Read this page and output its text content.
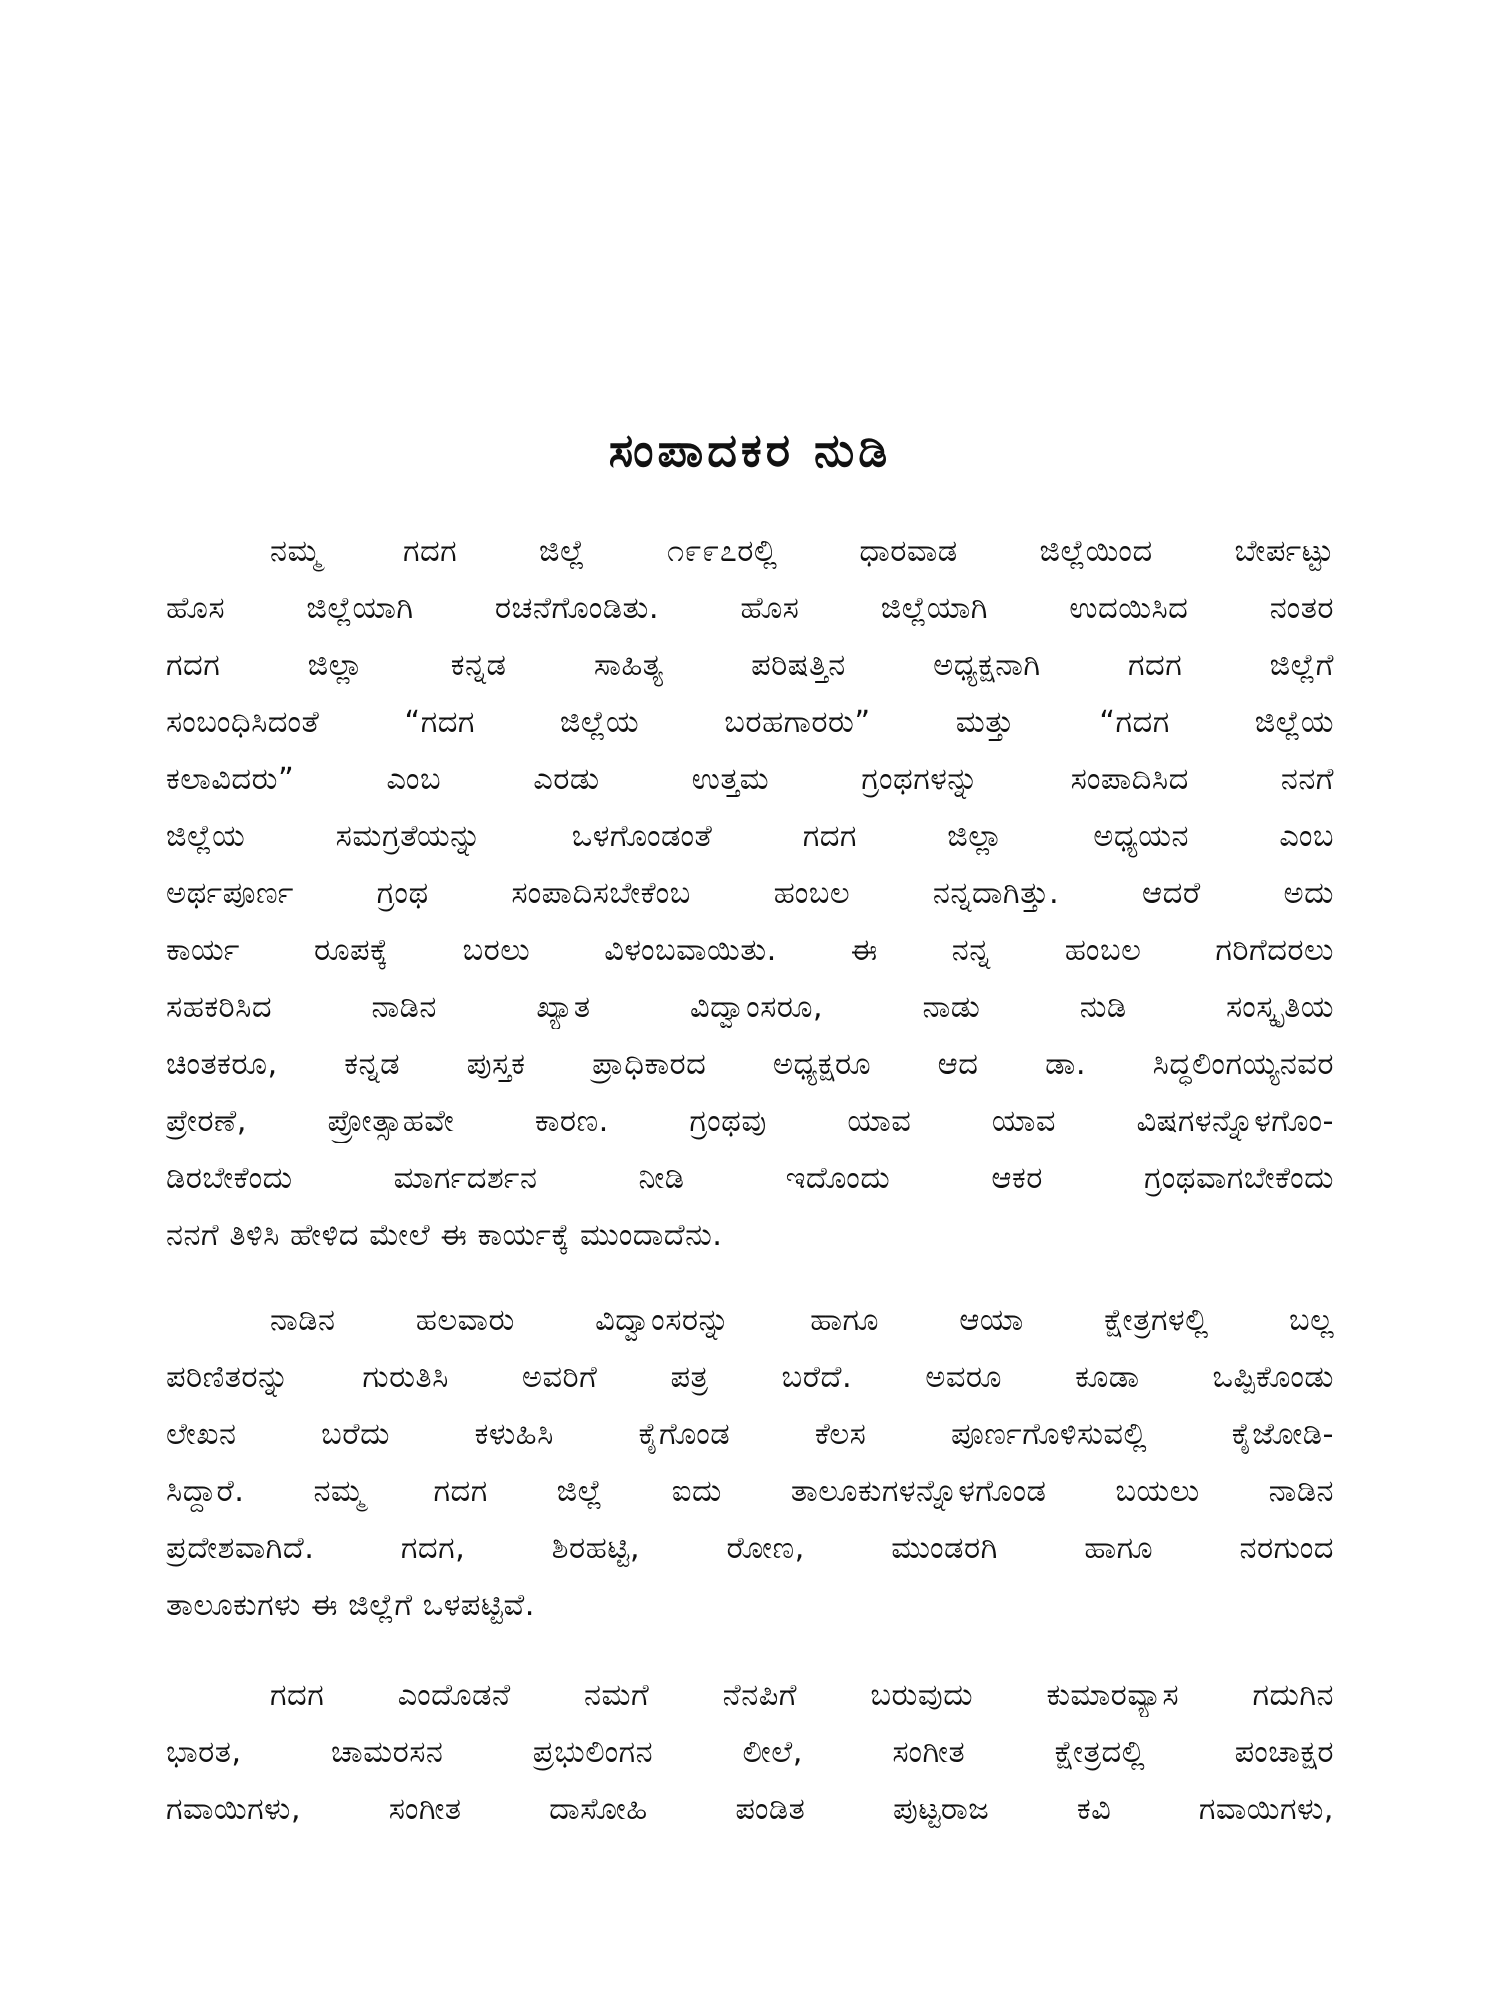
ಸಂಪಾದಕರ ನುಡಿ
ನಮ್ಮ ಗದಗ ಜಿಲ್ಲೆ ೧೯೯೭ರಲ್ಲಿ ಧಾರವಾಡ ಜಿಲ್ಲೆಯಿಂದ ಬೇರ್ಪಟ್ಟು
ಹೊಸ ಜಿಲ್ಲೆಯಾಗಿ ರಚನೆಗೊಂಡಿತು. ಹೊಸ ಜಿಲ್ಲೆಯಾಗಿ ಉದಯಿಸಿದ ನಂತರ
ಗದಗ ಜಿಲ್ಲಾ ಕನ್ನಡ ಸಾಹಿತ್ಯ ಪರಿಷತ್ತಿನ ಅಧ್ಯಕ್ಷನಾಗಿ ಗದಗ ಜಿಲ್ಲೆಗೆ
ಸಂಬಂಧಿಸಿದಂತೆ “ಗದಗ ಜಿಲ್ಲೆಯ ಬರಹಗಾರರು” ಮತ್ತು “ಗದಗ ಜಿಲ್ಲೆಯ
ಕಲಾವಿದರು” ಎಂಬ ಎರಡು ಉತ್ತಮ ಗ್ರಂಥಗಳನ್ನು ಸಂಪಾದಿಸಿದ ನನಗೆ
ಜಿಲ್ಲೆಯ ಸಮಗ್ರತೆಯನ್ನು ಒಳಗೊಂಡಂತೆ ಗದಗ ಜಿಲ್ಲಾ ಅಧ್ಯಯನ ಎಂಬ
ಅರ್ಥಪೂರ್ಣ ಗ್ರಂಥ ಸಂಪಾದಿಸಬೇಕೆಂಬ ಹಂಬಲ ನನ್ನದಾಗಿತ್ತು. ಆದರೆ ಅದು
ಕಾರ್ಯ ರೂಪಕ್ಕೆ ಬರಲು ವಿಳಂಬವಾಯಿತು. ಈ ನನ್ನ ಹಂಬಲ ಗರಿಗೆದರಲು
ಸಹಕರಿಸಿದ ನಾಡಿನ ಖ್ಯಾತ ವಿದ್ವಾಂಸರೂ, ನಾಡು ನುಡಿ ಸಂಸ್ಕೃತಿಯ
ಚಿಂತಕರೂ, ಕನ್ನಡ ಪುಸ್ತಕ ಪ್ರಾಧಿಕಾರದ ಅಧ್ಯಕ್ಷರೂ ಆದ ಡಾ. ಸಿದ್ಧಲಿಂಗಯ್ಯನವರ
ಪ್ರೇರಣೆ, ಪ್ರೋತ್ಸಾಹವೇ ಕಾರಣ. ಗ್ರಂಥವು ಯಾವ ಯಾವ ವಿಷಗಳನ್ನೊಳಗೊಂ-
ಡಿರಬೇಕೆಂದು ಮಾರ್ಗದರ್ಶನ ನೀಡಿ ಇದೊಂದು ಆಕರ ಗ್ರಂಥವಾಗಬೇಕೆಂದು
ನನಗೆ ತಿಳಿಸಿ ಹೇಳಿದ ಮೇಲೆ ಈ ಕಾರ್ಯಕ್ಕೆ ಮುಂದಾದೆನು.
ನಾಡಿನ ಹಲವಾರು ವಿದ್ವಾಂಸರನ್ನು ಹಾಗೂ ಆಯಾ ಕ್ಷೇತ್ರಗಳಲ್ಲಿ ಬಲ್ಲ
ಪರಿಣಿತರನ್ನು ಗುರುತಿಸಿ ಅವರಿಗೆ ಪತ್ರ ಬರೆದೆ. ಅವರೂ ಕೂಡಾ ಒಪ್ಪಿಕೊಂಡು
ಲೇಖನ ಬರೆದು ಕಳುಹಿಸಿ ಕೈಗೊಂಡ ಕೆಲಸ ಪೂರ್ಣಗೊಳಿಸುವಲ್ಲಿ ಕೈಜೋಡಿ-
ಸಿದ್ದಾರೆ. ನಮ್ಮ ಗದಗ ಜಿಲ್ಲೆ ಐದು ತಾಲೂಕುಗಳನ್ನೊಳಗೊಂಡ ಬಯಲು ನಾಡಿನ
ಪ್ರದೇಶವಾಗಿದೆ. ಗದಗ, ಶಿರಹಟ್ಟಿ, ರೋಣ, ಮುಂಡರಗಿ ಹಾಗೂ ನರಗುಂದ
ತಾಲೂಕುಗಳು ಈ ಜಿಲ್ಲೆಗೆ ಒಳಪಟ್ಟಿವೆ.
ಗದಗ ಎಂದೊಡನೆ ನಮಗೆ ನೆನಪಿಗೆ ಬರುವುದು ಕುಮಾರವ್ಯಾಸ ಗದುಗಿನ
ಭಾರತ, ಚಾಮರಸನ ಪ್ರಭುಲಿಂಗನ ಲೀಲೆ, ಸಂಗೀತ ಕ್ಷೇತ್ರದಲ್ಲಿ ಪಂಚಾಕ್ಷರ
ಗವಾಯಿಗಳು, ಸಂಗೀತ ದಾಸೋಹಿ ಪಂಡಿತ ಪುಟ್ಟರಾಜ ಕವಿ ಗವಾಯಿಗಳು,
